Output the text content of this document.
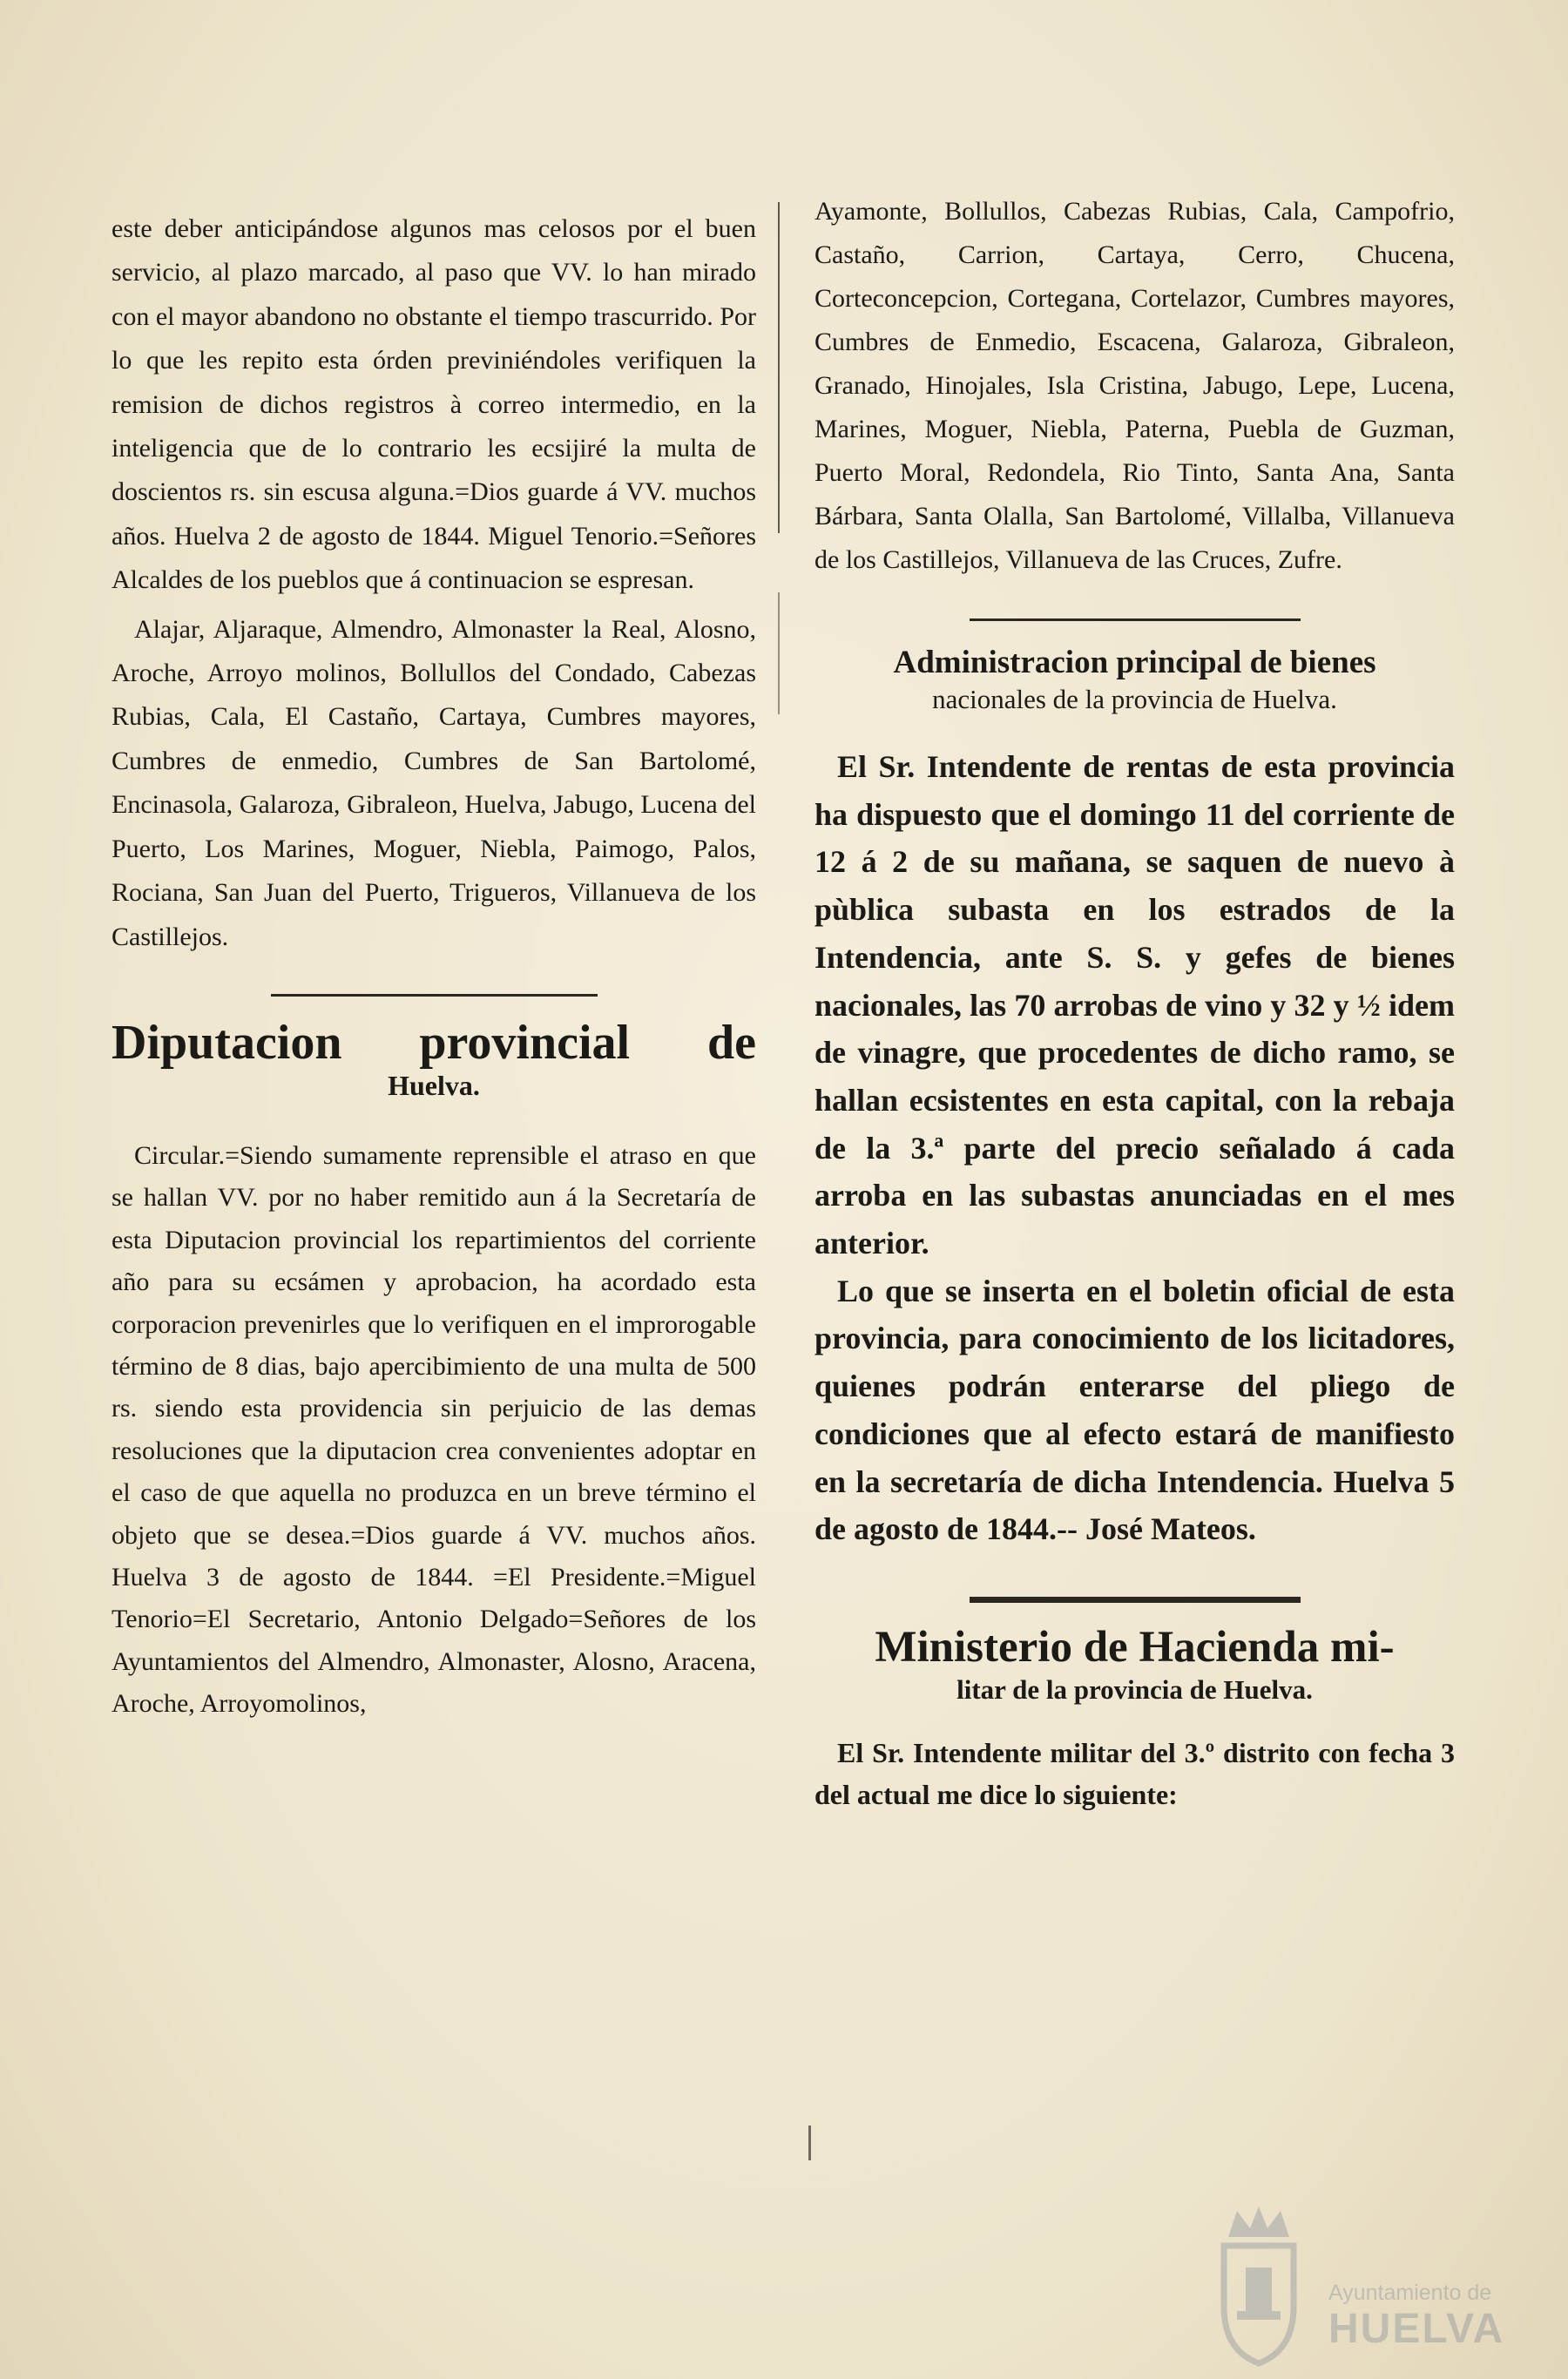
este deber anticipándose algunos mas celosos por el buen servicio, al plazo marcado, al paso que VV. lo han mirado con el mayor abandono no obstante el tiempo trascurrido. Por lo que les repito esta órden previniéndoles verifiquen la remision de dichos registros à correo intermedio, en la inteligencia que de lo contrario les ecsijiré la multa de doscientos rs. sin escusa alguna.=Dios guarde á VV. muchos años. Huelva 2 de agosto de 1844. Miguel Tenorio.=Señores Alcaldes de los pueblos que á continuacion se espresan.

Alajar, Aljaraque, Almendro, Almonaster la Real, Alosno, Aroche, Arroyo molinos, Bollullos del Condado, Cabezas Rubias, Cala, El Castaño, Cartaya, Cumbres mayores, Cumbres de enmedio, Cumbres de San Bartolomé, Encinasola, Galaroza, Gibraleon, Huelva, Jabugo, Lucena del Puerto, Los Marines, Moguer, Niebla, Paimogo, Palos, Rociana, San Juan del Puerto, Trigueros, Villanueva de los Castillejos.

Diputacion provincial de
Huelva.

Circular.=Siendo sumamente reprensible el atraso en que se hallan VV. por no haber remitido aun á la Secretaría de esta Diputacion provincial los repartimientos del corriente año para su ecsámen y aprobacion, ha acordado esta corporacion prevenirles que lo verifiquen en el improrogable término de 8 dias, bajo apercibimiento de una multa de 500 rs. siendo esta providencia sin perjuicio de las demas resoluciones que la diputacion crea convenientes adoptar en el caso de que aquella no produzca en un breve término el objeto que se desea.=Dios guarde á VV. muchos años. Huelva 3 de agosto de 1844. =El Presidente.=Miguel Tenorio=El Secretario, Antonio Delgado=Señores de los Ayuntamientos del Almendro, Almonaster, Alosno, Aracena, Aroche, Arroyomolinos,

Ayamonte, Bollullos, Cabezas Rubias, Cala, Campofrio, Castaño, Carrion, Cartaya, Cerro, Chucena, Corteconcepcion, Cortegana, Cortelazor, Cumbres mayores, Cumbres de Enmedio, Escacena, Galaroza, Gibraleon, Granado, Hinojales, Isla Cristina, Jabugo, Lepe, Lucena, Marines, Moguer, Niebla, Paterna, Puebla de Guzman, Puerto Moral, Redondela, Rio Tinto, Santa Ana, Santa Bárbara, Santa Olalla, San Bartolomé, Villalba, Villanueva de los Castillejos, Villanueva de las Cruces, Zufre.

Administracion principal de bienes
nacionales de la provincia de Huelva.

El Sr. Intendente de rentas de esta provincia ha dispuesto que el domingo 11 del corriente de 12 á 2 de su mañana, se saquen de nuevo à pùblica subasta en los estrados de la Intendencia, ante S. S. y gefes de bienes nacionales, las 70 arrobas de vino y 32 y ½ idem de vinagre, que procedentes de dicho ramo, se hallan ecsistentes en esta capital, con la rebaja de la 3.ª parte del precio señalado á cada arroba en las subastas anunciadas en el mes anterior.

Lo que se inserta en el boletin oficial de esta provincia, para conocimiento de los licitadores, quienes podrán enterarse del pliego de condiciones que al efecto estará de manifiesto en la secretaría de dicha Intendencia. Huelva 5 de agosto de 1844.-- José Mateos.

Ministerio de Hacienda mi-
litar de la provincia de Huelva.

El Sr. Intendente militar del 3.º distrito con fecha 3 del actual me dice lo siguiente:

Ayuntamiento de
HUELVA
